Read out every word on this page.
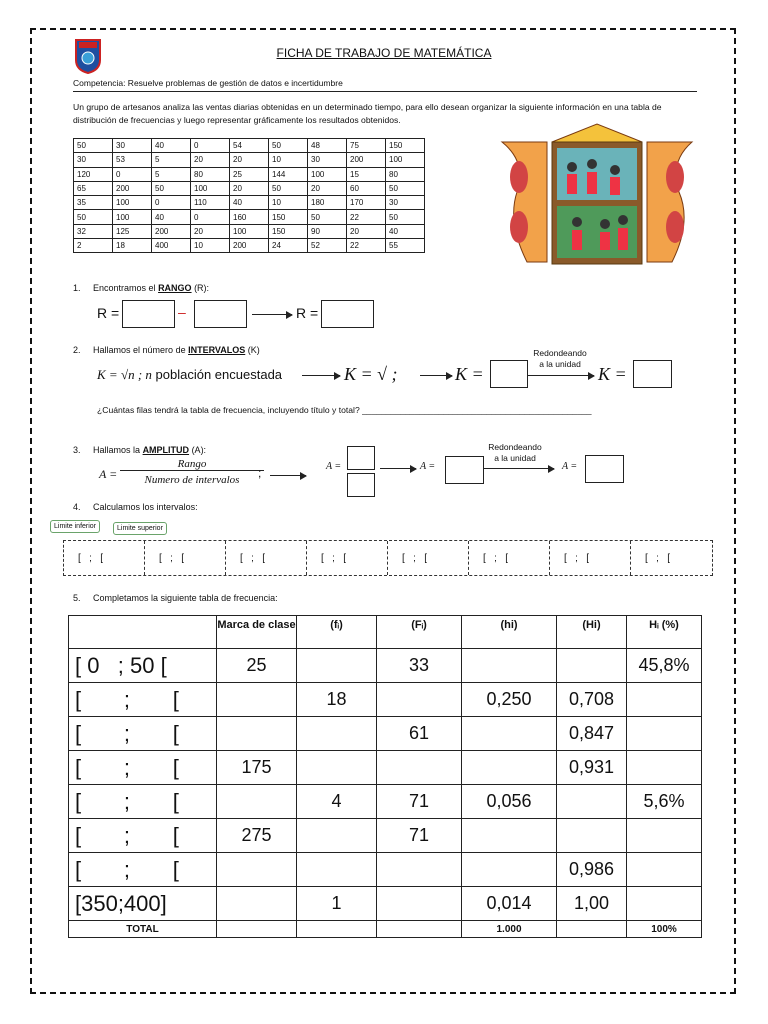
FICHA DE TRABAJO DE MATEMÁTICA
Competencia: Resuelve problemas de gestión de datos e incertidumbre
Un grupo de artesanos analiza las ventas diarias obtenidas en un determinado tiempo, para ello desean organizar la siguiente información en una tabla de distribución de frecuencias y luego representar gráficamente los resultados obtenidos.
50	30	40	0	54	50	48	75	150
30	53	5	20	20	10	30	200	100
120	0	5	80	25	144	100	15	80
65	200	50	100	20	50	20	60	50
35	100	0	110	40	10	180	170	30
50	100	40	0	160	150	50	22	50
32	125	200	20	100	150	90	20	40
2	18	400	10	200	24	52	22	55
1. Encontramos el RANGO (R):
R =	–	R =
2. Hallamos el número de INTERVALOS (K)
K = √n ; n población encuestada	K = √ ;	K =
Redondeando
a la unidad K =
¿Cuántas filas tendrá la tabla de frecuencia, incluyendo título y total? ________________________________________________
3. Hallamos la AMPLITUD (A):
A =
Rango
Numero de intervalos	;	A =	A =
Redondeando
a la unidad
A =
4. Calculamos los intervalos:
Limite inferior	Limite superior
[   ;   [	[   ;   [	[   ;   [	[   ;   [	[   ;   [	[   ;   [	[   ;   [	[   ;   [
5. Completamos la siguiente tabla de frecuencia:
	Marca de clase	(fᵢ)	(Fᵢ)	(hi)	(Hi)	Hᵢ (%)
[ 0   ; 50 [	25		33			45,8%
[       ;       [		18		0,250	0,708	
[       ;       [			61		0,847	
[       ;       [	175				0,931	
[       ;       [		4	71	0,056		5,6%
[       ;       [	275		71			
[       ;       [					0,986	
[350;400]		1		0,014	1,00	
TOTAL				1.000		100%
